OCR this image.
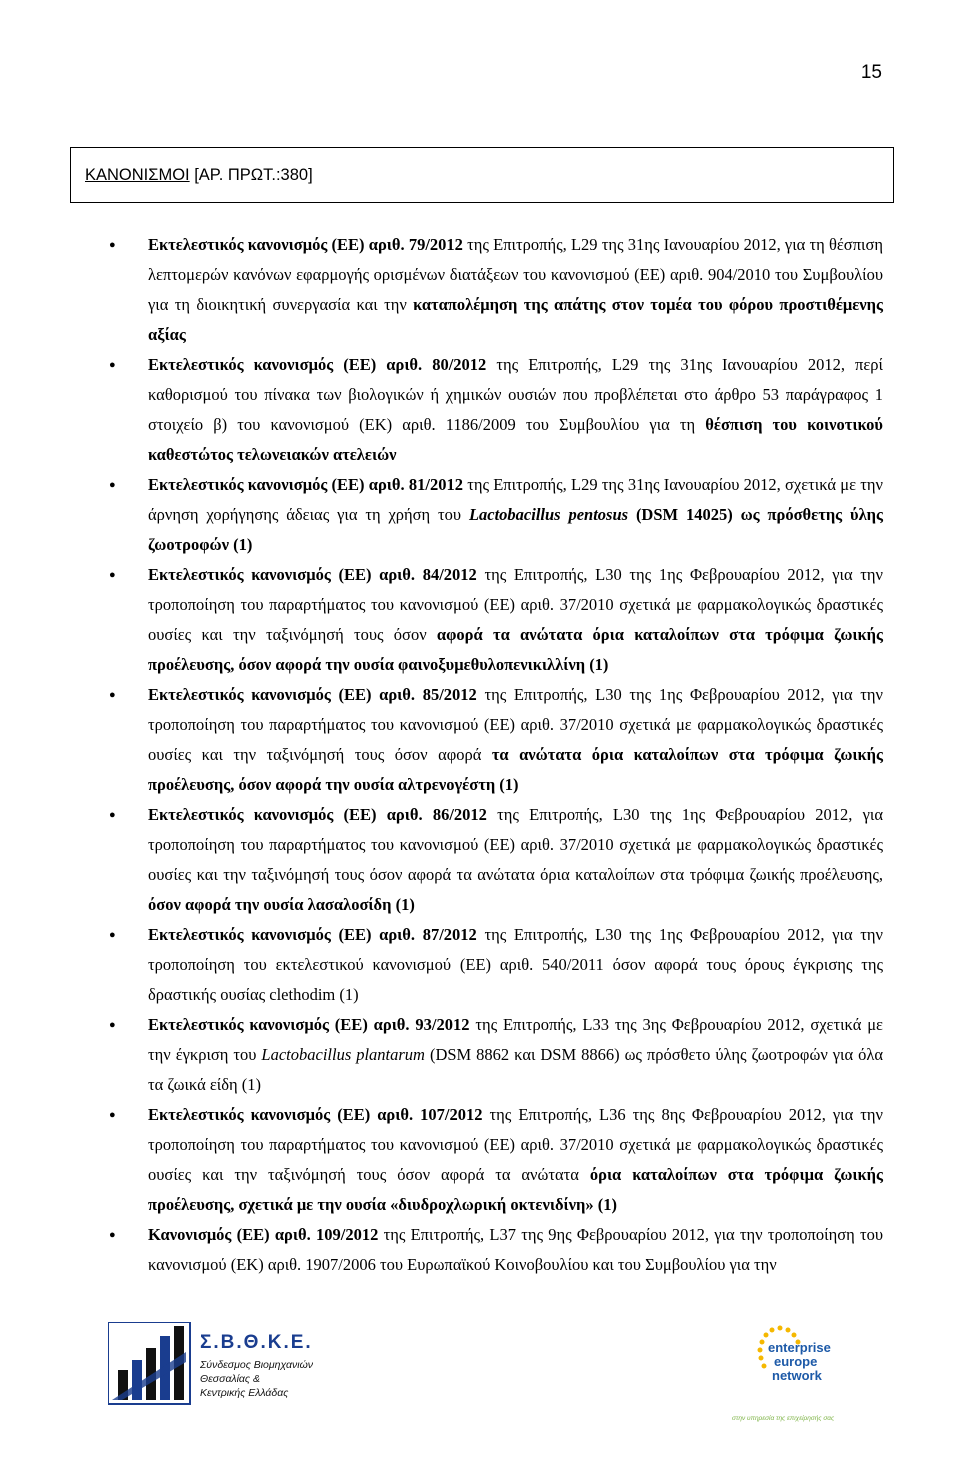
15
ΚΑΝΟΝΙΣΜΟΙ [ΑΡ. ΠΡΩΤ.:380]
● Εκτελεστικός κανονισμός (ΕΕ) αριθ. 79/2012 της Επιτροπής, L29 της 31ης Ιανουαρίου 2012, για τη θέσπιση λεπτομερών κανόνων εφαρμογής ορισμένων διατάξεων του κανονισμού (ΕΕ) αριθ. 904/2010 του Συμβουλίου για τη διοικητική συνεργασία και την καταπολέμηση της απάτης στον τομέα του φόρου προστιθέμενης αξίας
● Εκτελεστικός κανονισμός (ΕΕ) αριθ. 80/2012 της Επιτροπής, L29 της 31ης Ιανουαρίου 2012, περί καθορισμού του πίνακα των βιολογικών ή χημικών ουσιών που προβλέπεται στο άρθρο 53 παράγραφος 1 στοιχείο β) του κανονισμού (ΕΚ) αριθ. 1186/2009 του Συμβουλίου για τη θέσπιση του κοινοτικού καθεστώτος τελωνειακών ατελειών
● Εκτελεστικός κανονισμός (ΕΕ) αριθ. 81/2012 της Επιτροπής, L29 της 31ης Ιανουαρίου 2012, σχετικά με την άρνηση χορήγησης άδειας για τη χρήση του Lactobacillus pentosus (DSM 14025) ως πρόσθετης ύλης ζωοτροφών (1)
● Εκτελεστικός κανονισμός (ΕΕ) αριθ. 84/2012 της Επιτροπής, L30 της 1ης Φεβρουαρίου 2012, για την τροποποίηση του παραρτήματος του κανονισμού (ΕΕ) αριθ. 37/2010 σχετικά με φαρμακολογικώς δραστικές ουσίες και την ταξινόμησή τους όσον αφορά τα ανώτατα όρια καταλοίπων στα τρόφιμα ζωικής προέλευσης, όσον αφορά την ουσία φαινοξυμεθυλοπενικιλλίνη (1)
● Εκτελεστικός κανονισμός (ΕΕ) αριθ. 85/2012 της Επιτροπής, L30 της 1ης Φεβρουαρίου 2012, για την τροποποίηση του παραρτήματος του κανονισμού (ΕΕ) αριθ. 37/2010 σχετικά με φαρμακολογικώς δραστικές ουσίες και την ταξινόμησή τους όσον αφορά τα ανώτατα όρια καταλοίπων στα τρόφιμα ζωικής προέλευσης, όσον αφορά την ουσία αλτρενογέστη (1)
● Εκτελεστικός κανονισμός (ΕΕ) αριθ. 86/2012 της Επιτροπής, L30 της 1ης Φεβρουαρίου 2012, για τροποποίηση του παραρτήματος του κανονισμού (ΕΕ) αριθ. 37/2010 σχετικά με φαρμακολογικώς δραστικές ουσίες και την ταξινόμησή τους όσον αφορά τα ανώτατα όρια καταλοίπων στα τρόφιμα ζωικής προέλευσης, όσον αφορά την ουσία λασαλοσίδη (1)
● Εκτελεστικός κανονισμός (ΕΕ) αριθ. 87/2012 της Επιτροπής, L30 της 1ης Φεβρουαρίου 2012, για την τροποποίηση του εκτελεστικού κανονισμού (ΕΕ) αριθ. 540/2011 όσον αφορά τους όρους έγκρισης της δραστικής ουσίας clethodim (1)
● Εκτελεστικός κανονισμός (ΕΕ) αριθ. 93/2012 της Επιτροπής, L33 της 3ης Φεβρουαρίου 2012, σχετικά με την έγκριση του Lactobacillus plantarum (DSM 8862 και DSM 8866) ως πρόσθετο ύλης ζωοτροφών για όλα τα ζωικά είδη (1)
● Εκτελεστικός κανονισμός (ΕΕ) αριθ. 107/2012 της Επιτροπής, L36 της 8ης Φεβρουαρίου 2012, για την τροποποίηση του παραρτήματος του κανονισμού (ΕΕ) αριθ. 37/2010 σχετικά με φαρμακολογικώς δραστικές ουσίες και την ταξινόμησή τους όσον αφορά τα ανώτατα όρια καταλοίπων στα τρόφιμα ζωικής προέλευσης, σχετικά με την ουσία «διυδροχλωρική οκτενιδίνη» (1)
● Κανονισμός (ΕΕ) αριθ. 109/2012 της Επιτροπής, L37 της 9ης Φεβρουαρίου 2012, για την τροποποίηση του κανονισμού (ΕΚ) αριθ. 1907/2006 του Ευρωπαϊκού Κοινοβουλίου και του Συμβουλίου για την
Σ.Β.Θ.Κ.Ε.
Σύνδεσμος Βιομηχανιών
Θεσσαλίας &
Κεντρικής Ελλάδας
enterprise
europe
network
στην υπηρεσία της επιχείρησής σας
